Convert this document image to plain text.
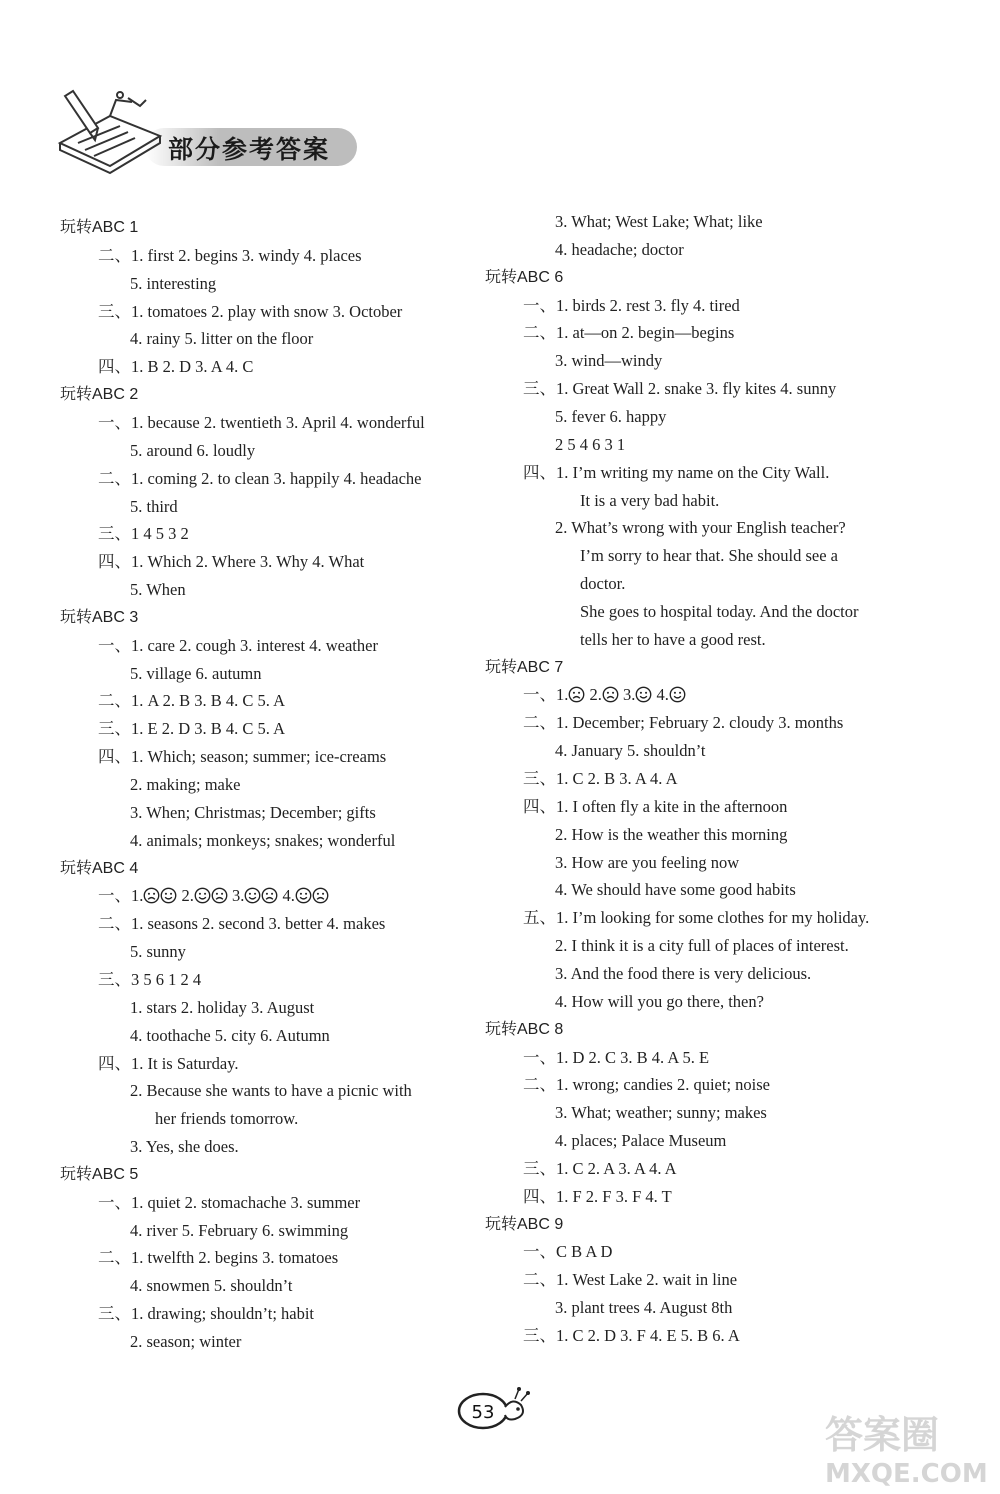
部分参考答案
玩转ABC 1
二、1. first 2. begins 3. windy 4. places
5. interesting
三、1. tomatoes 2. play with snow 3. October
4. rainy 5. litter on the floor
四、1. B 2. D 3. A 4. C
玩转ABC 2
一、1. because 2. twentieth 3. April 4. wonderful
5. around 6. loudly
二、1. coming 2. to clean 3. happily 4. headache
5. third
三、1 4 5 3 2
四、1. Which 2. Where 3. Why 4. What
5. When
玩转ABC 3
一、1. care 2. cough 3. interest 4. weather
5. village 6. autumn
二、1. A 2. B 3. B 4. C 5. A
三、1. E 2. D 3. B 4. C 5. A
四、1. Which; season; summer; ice-creams
2. making; make
3. When; Christmas; December; gifts
4. animals; monkeys; snakes; wonderful
玩转ABC 4
一、1. 2. 3. 4.
二、1. seasons 2. second 3. better 4. makes
5. sunny
三、3 5 6 1 2 4
1. stars 2. holiday 3. August
4. toothache 5. city 6. Autumn
四、1. It is Saturday.
2. Because she wants to have a picnic with
her friends tomorrow.
3. Yes, she does.
玩转ABC 5
一、1. quiet 2. stomachache 3. summer
4. river 5. February 6. swimming
二、1. twelfth 2. begins 3. tomatoes
4. snowmen 5. shouldn’t
三、1. drawing; shouldn’t; habit
2. season; winter
3. What; West Lake; What; like
4. headache; doctor
玩转ABC 6
一、1. birds 2. rest 3. fly 4. tired
二、1. at—on 2. begin—begins
3. wind—windy
三、1. Great Wall 2. snake 3. fly kites 4. sunny
5. fever 6. happy
2 5 4 6 3 1
四、1. I’m writing my name on the City Wall.
It is a very bad habit.
2. What’s wrong with your English teacher?
I’m sorry to hear that. She should see a
doctor.
She goes to hospital today. And the doctor
tells her to have a good rest.
玩转ABC 7
一、1. 2. 3. 4.
二、1. December; February 2. cloudy 3. months
4. January 5. shouldn’t
三、1. C 2. B 3. A 4. A
四、1. I often fly a kite in the afternoon
2. How is the weather this morning
3. How are you feeling now
4. We should have some good habits
五、1. I’m looking for some clothes for my holiday.
2. I think it is a city full of places of interest.
3. And the food there is very delicious.
4. How will you go there, then?
玩转ABC 8
一、1. D 2. C 3. B 4. A 5. E
二、1. wrong; candies 2. quiet; noise
3. What; weather; sunny; makes
4. places; Palace Museum
三、1. C 2. A 3. A 4. A
四、1. F 2. F 3. F 4. T
玩转ABC 9
一、C B A D
二、1. West Lake 2. wait in line
3. plant trees 4. August 8th
三、1. C 2. D 3. F 4. E 5. B 6. A
53
答案圈
MXQE.COM
